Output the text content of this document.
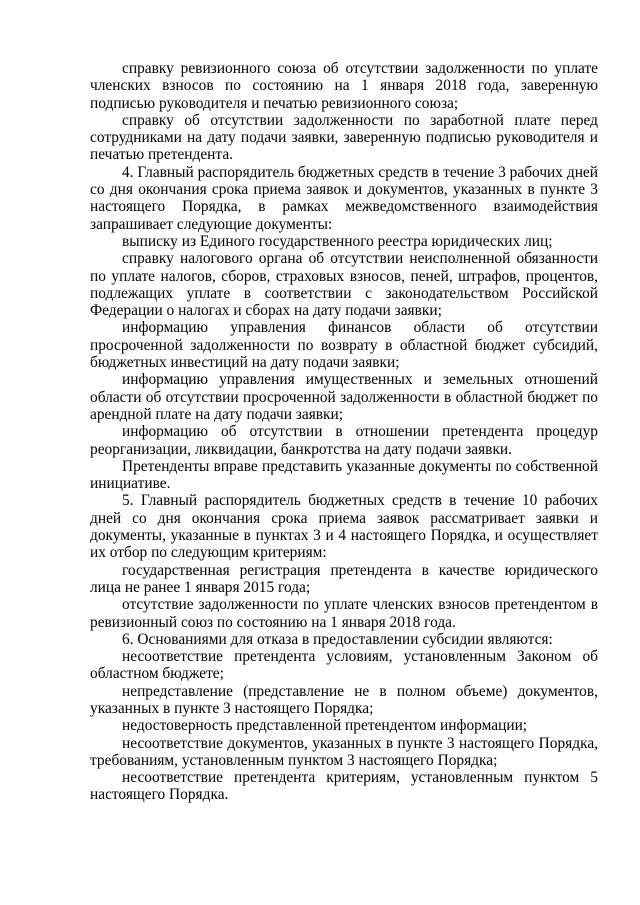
справку ревизионного союза об отсутствии задолженности по уплате членских взносов по состоянию на 1 января 2018 года, заверенную подписью руководителя и печатью ревизионного союза;

справку об отсутствии задолженности по заработной плате перед сотрудниками на дату подачи заявки, заверенную подписью руководителя и печатью претендента.

4. Главный распорядитель бюджетных средств в течение 3 рабочих дней со дня окончания срока приема заявок и документов, указанных в пункте 3 настоящего Порядка, в рамках межведомственного взаимодействия запрашивает следующие документы:

выписку из Единого государственного реестра юридических лиц;

справку налогового органа об отсутствии неисполненной обязанности по уплате налогов, сборов, страховых взносов, пеней, штрафов, процентов, подлежащих уплате в соответствии с законодательством Российской Федерации о налогах и сборах на дату подачи заявки;

информацию управления финансов области об отсутствии просроченной задолженности по возврату в областной бюджет субсидий, бюджетных инвестиций на дату подачи заявки;

информацию управления имущественных и земельных отношений области об отсутствии просроченной задолженности в областной бюджет по арендной плате на дату подачи заявки;

информацию об отсутствии в отношении претендента процедур реорганизации, ликвидации, банкротства на дату подачи заявки.

Претенденты вправе представить указанные документы по собственной инициативе.

5. Главный распорядитель бюджетных средств в течение 10 рабочих дней со дня окончания срока приема заявок рассматривает заявки и документы, указанные в пунктах 3 и 4 настоящего Порядка, и осуществляет их отбор по следующим критериям:

государственная регистрация претендента в качестве юридического лица не ранее 1 января 2015 года;

отсутствие задолженности по уплате членских взносов претендентом в ревизионный союз по состоянию на 1 января 2018 года.

6. Основаниями для отказа в предоставлении субсидии являются:

несоответствие претендента условиям, установленным Законом об областном бюджете;

непредставление (представление не в полном объеме) документов, указанных в пункте 3 настоящего Порядка;

недостоверность представленной претендентом информации;

несоответствие документов, указанных в пункте 3 настоящего Порядка, требованиям, установленным пунктом 3 настоящего Порядка;

несоответствие претендента критериям, установленным пунктом 5 настоящего Порядка.
